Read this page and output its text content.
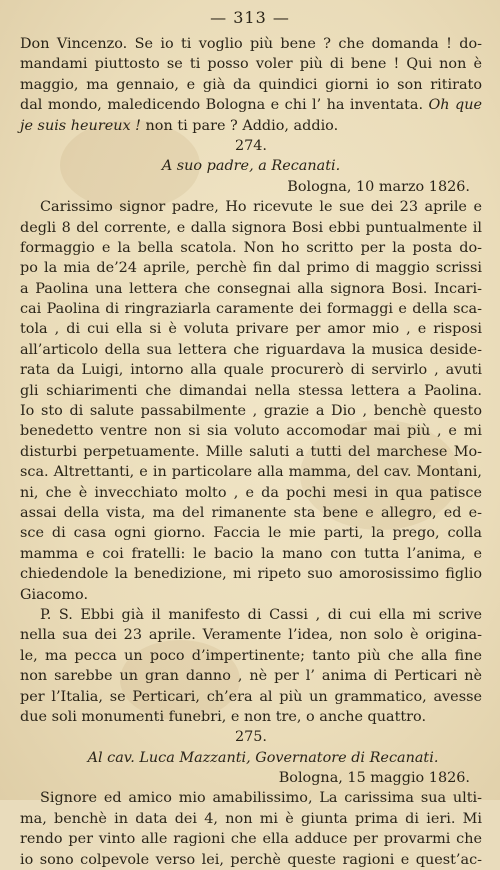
— 313 —
Don Vincenzo. Se io ti voglio più bene ? che domanda ! do-
mandami piuttosto se ti posso voler più di bene ! Qui non è
maggio, ma gennaio, e già da quindici giorni io son ritirato
dal mondo, maledicendo Bologna e chi l’ ha inventata. Oh que
je suis heureux ! non ti pare ? Addio, addio.
274.
A suo padre, a Recanati.
Bologna, 10 marzo 1826.
Carissimo signor padre, Ho ricevute le sue dei 23 aprile e
degli 8 del corrente, e dalla signora Bosi ebbi puntualmente il
formaggio e la bella scatola. Non ho scritto per la posta do-
po la mia de’24 aprile, perchè fin dal primo di maggio scrissi
a Paolina una lettera che consegnai alla signora Bosi. Incari-
cai Paolina di ringraziarla caramente dei formaggi e della sca-
tola , di cui ella si è voluta privare per amor mio , e risposi
all’articolo della sua lettera che riguardava la musica deside-
rata da Luigi, intorno alla quale procurerò di servirlo , avuti
gli schiarimenti che dimandai nella stessa lettera a Paolina.
Io sto di salute passabilmente , grazie a Dio , benchè questo
benedetto ventre non si sia voluto accomodar mai più , e mi
disturbi perpetuamente. Mille saluti a tutti del marchese Mo-
sca. Altrettanti, e in particolare alla mamma, del cav. Montani,
ni, che è invecchiato molto , e da pochi mesi in qua patisce
assai della vista, ma del rimanente sta bene e allegro, ed e-
sce di casa ogni giorno. Faccia le mie parti, la prego, colla
mamma e coi fratelli: le bacio la mano con tutta l’anima, e
chiedendole la benedizione, mi ripeto suo amorosissimo figlio
Giacomo.
P. S. Ebbi già il manifesto di Cassi , di cui ella mi scrive
nella sua dei 23 aprile. Veramente l’idea, non solo è origina-
le, ma pecca un poco d’impertinente; tanto più che alla fine
non sarebbe un gran danno , nè per l’ anima di Perticari nè
per l’Italia, se Perticari, ch’era al più un grammatico, avesse
due soli monumenti funebri, e non tre, o anche quattro.
275.
Al cav. Luca Mazzanti, Governatore di Recanati.
Bologna, 15 maggio 1826.
Signore ed amico mio amabilissimo, La carissima sua ulti-
ma, benchè in data dei 4, non mi è giunta prima di ieri. Mi
rendo per vinto alle ragioni che ella adduce per provarmi che
io sono colpevole verso lei, perchè queste ragioni e quest’ac-
